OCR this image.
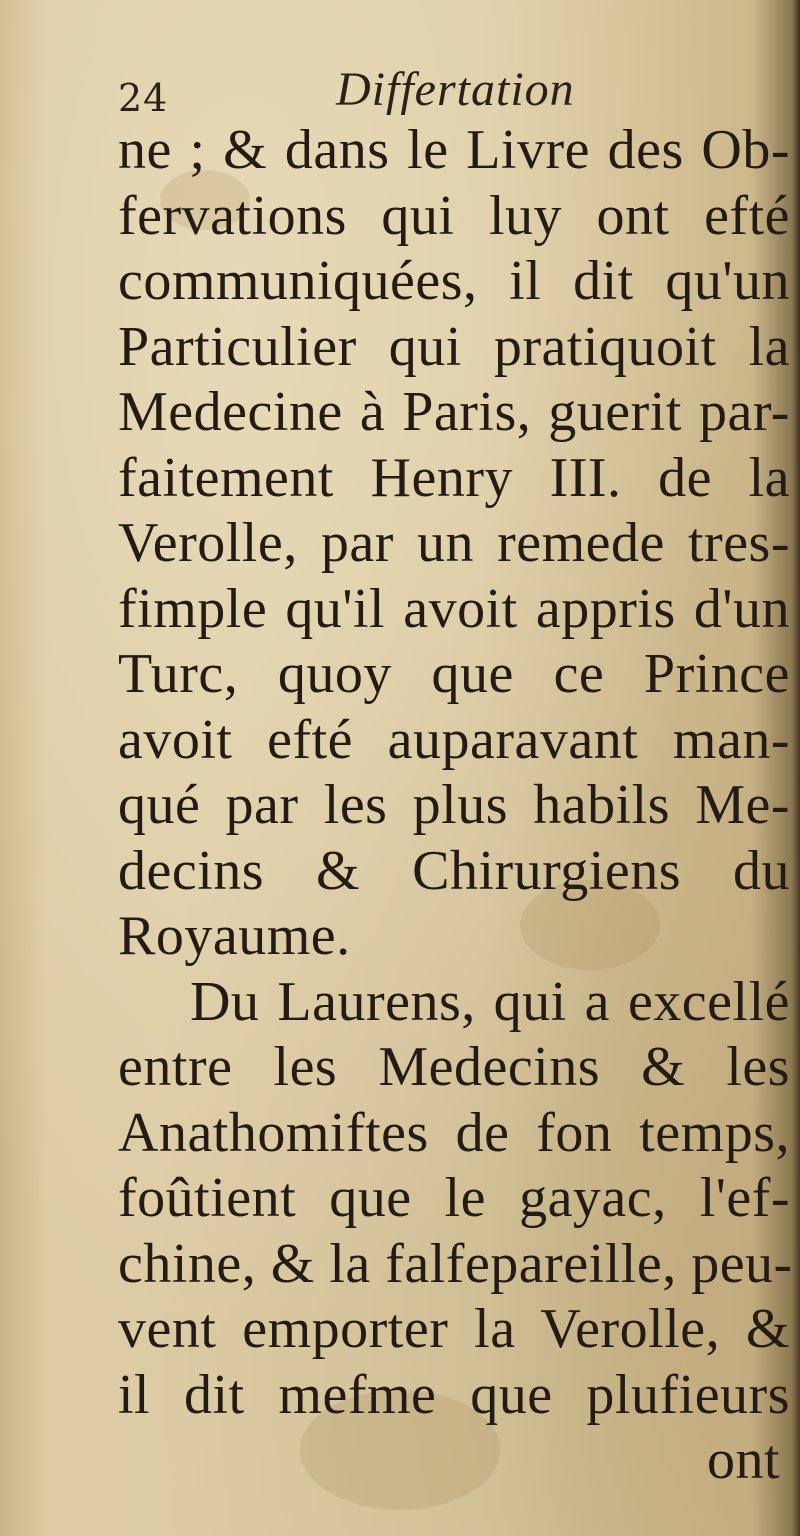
24	Differtation
ne ; & dans le Livre des Ob-
fervations qui luy ont efté
communiquées, il dit qu'un
Particulier qui pratiquoit la
Medecine à Paris, guerit par-
faitement Henry III. de la
Verolle, par un remede tres-
fimple qu'il avoit appris d'un
Turc, quoy que ce Prince
avoit efté auparavant man-
qué par les plus habils Me-
decins & Chirurgiens du
Royaume.
Du Laurens, qui a excellé
entre les Medecins & les
Anathomiftes de fon temps,
foûtient que le gayac, l'ef-
chine, & la falfepareille, peu-
vent emporter la Verolle, &
il dit mefme que plufieurs
ont
